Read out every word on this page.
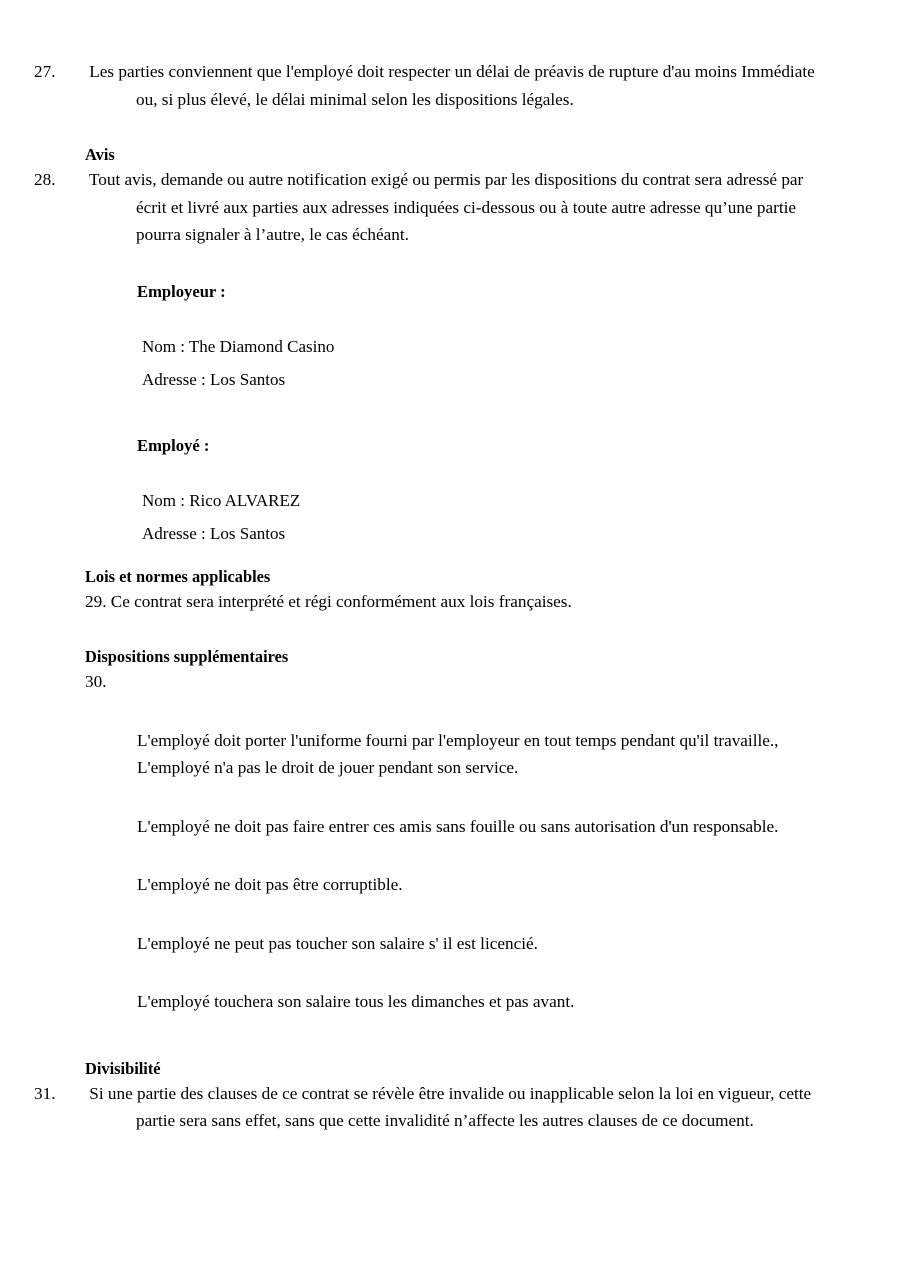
27. Les parties conviennent que l'employé doit respecter un délai de préavis de rupture d'au moins Immédiate ou, si plus élevé, le délai minimal selon les dispositions légales.

Avis

28. Tout avis, demande ou autre notification exigé ou permis par les dispositions du contrat sera adressé par écrit et livré aux parties aux adresses indiquées ci-dessous ou à toute autre adresse qu’une partie pourra signaler à l’autre, le cas échéant.

Employeur :

Nom : The Diamond Casino

Adresse : Los Santos

Employé :

Nom : Rico ALVAREZ

Adresse : Los Santos

Lois et normes applicables

29. Ce contrat sera interprété et régi conformément aux lois françaises.

Dispositions supplémentaires

30.

L'employé doit porter l'uniforme fourni par l'employeur en tout temps pendant qu'il travaille., L'employé n'a pas le droit de jouer pendant son service.

L'employé ne doit pas faire entrer ces amis sans fouille ou sans autorisation d'un responsable.

L'employé ne doit pas être corruptible.

L'employé ne peut pas toucher son salaire s' il est licencié.

L'employé touchera son salaire tous les dimanches et pas avant.

Divisibilité

31. Si une partie des clauses de ce contrat se révèle être invalide ou inapplicable selon la loi en vigueur, cette partie sera sans effet, sans que cette invalidité n’affecte les autres clauses de ce document.
